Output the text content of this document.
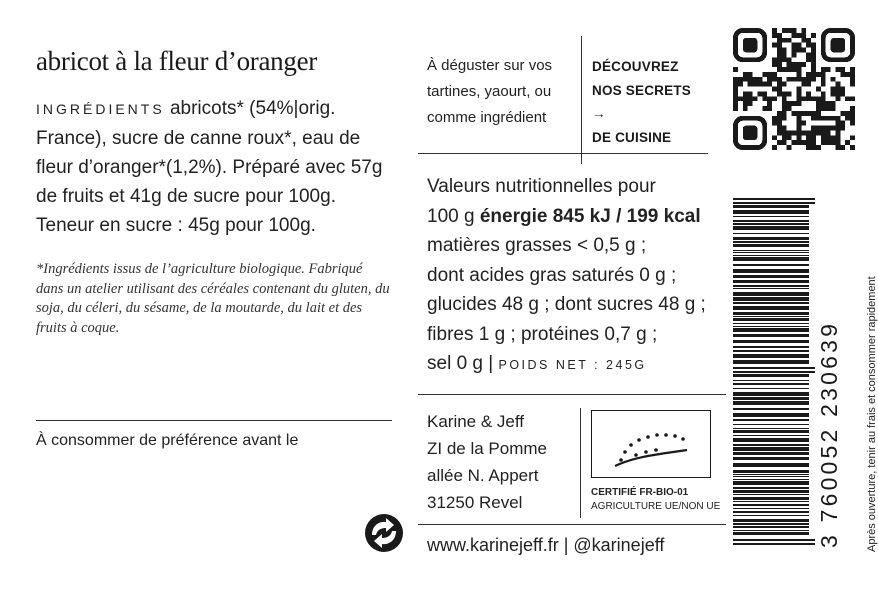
abricot à la fleur d’oranger
INGRÉDIENTS abricots* (54%|orig. France), sucre de canne roux*, eau de fleur d’oranger*(1,2%). Préparé avec 57g de fruits et 41g de sucre pour 100g. Teneur en sucre : 45g pour 100g.
*Ingrédients issus de l’agriculture biologique. Fabriqué dans un atelier utilisant des céréales contenant du gluten, du soja, du céleri, du sésame, de la moutarde, du lait et des fruits à coque.
À consommer de préférence avant le
À déguster sur vos tartines, yaourt, ou comme ingrédient
DÉCOUVREZ
NOS SECRETS →
DE CUISINE
Valeurs nutritionnelles pour
100 g énergie 845 kJ / 199 kcal
matières grasses < 0,5 g ;
dont acides gras saturés 0 g ;
glucides 48 g ; dont sucres 48 g ;
fibres 1 g ; protéines 0,7 g ;
sel 0 g | POIDS NET : 245G	3 760052 230639
Karine & Jeff
ZI de la Pomme
allée N. Appert
31250 Revel
CERTIFIÉ FR-BIO-01
AGRICULTURE UE/NON UE
www.karinejeff.fr | @karinejeff	Après ouverture, tenir au frais et consommer rapidement
